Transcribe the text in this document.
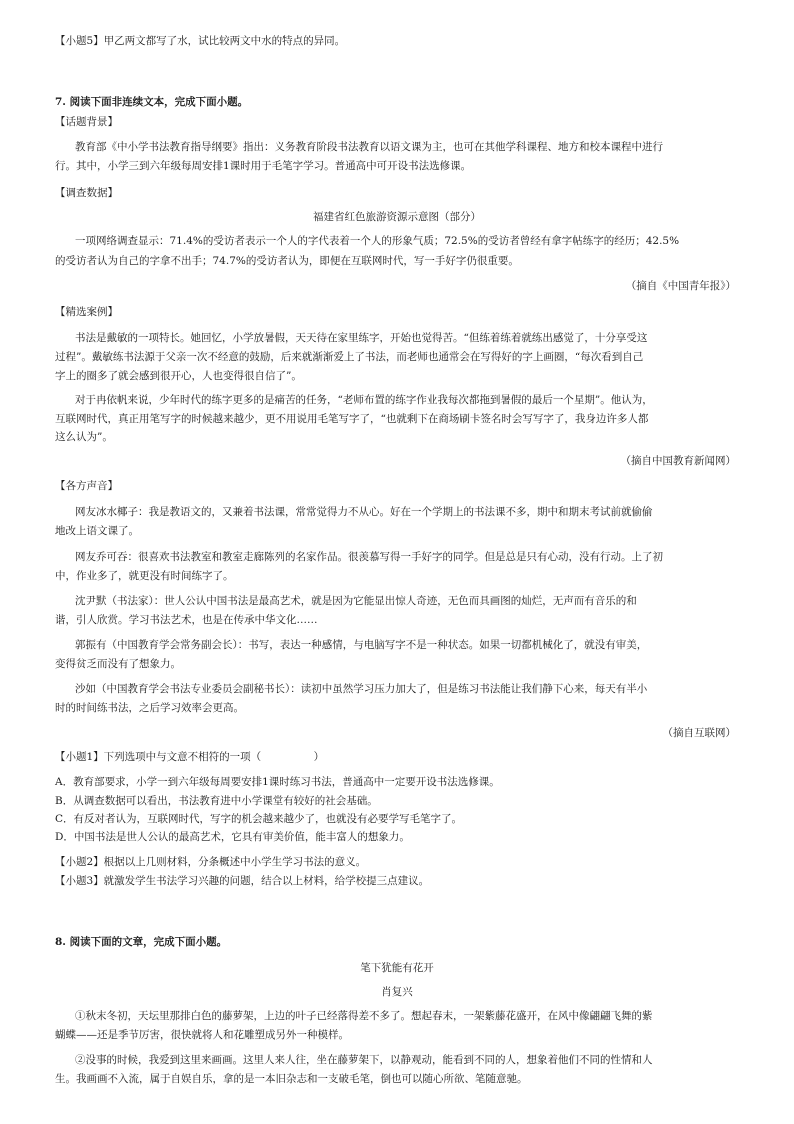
【小题5】甲乙两文都写了水，试比较两文中水的特点的异同。
7. 阅读下面非连续文本，完成下面小题。
【话题背景】
教育部《中小学书法教育指导纲要》指出：义务教育阶段书法教育以语文课为主，也可在其他学科课程、地方和校本课程中进行
行。其中，小学三到六年级每周安排1课时用于毛笔字学习。普通高中可开设书法选修课。
【调查数据】
福建省红色旅游资源示意图（部分）
一项网络调查显示：71.4%的受访者表示一个人的字代表着一个人的形象气质；72.5%的受访者曾经有拿字帖练字的经历；42.5%
的受访者认为自己的字拿不出手；74.7%的受访者认为，即便在互联网时代，写一手好字仍很重要。
（摘自《中国青年报》）
【精选案例】
书法是戴敏的一项特长。她回忆，小学放暑假，天天待在家里练字，开始也觉得苦。“但练着练着就练出感觉了，十分享受这
过程”。戴敏练书法源于父亲一次不经意的鼓励，后来就渐渐爱上了书法，而老师也通常会在写得好的字上画圈，“每次看到自己
字上的圈多了就会感到很开心，人也变得很自信了”。
对于冉依帆来说，少年时代的练字更多的是痛苦的任务，“老师布置的练字作业我每次都拖到暑假的最后一个星期”。他认为，
互联网时代，真正用笔写字的时候越来越少，更不用说用毛笔写字了，“也就剩下在商场刷卡签名时会写写字了，我身边许多人都
这么认为”。
（摘自中国教育新闻网）
【各方声音】
网友冰水椰子：我是教语文的，又兼着书法课，常常觉得力不从心。好在一个学期上的书法课不多，期中和期末考试前就偷偷
地改上语文课了。
网友乔可吞：很喜欢书法教室和教室走廊陈列的名家作品。很羡慕写得一手好字的同学。但是总是只有心动，没有行动。上了初
中，作业多了，就更没有时间练字了。
沈尹默（书法家）：世人公认中国书法是最高艺术，就是因为它能显出惊人奇迹，无色而具画图的灿烂，无声而有音乐的和
谐，引人欣赏。学习书法艺术，也是在传承中华文化……
郭振有（中国教育学会常务副会长）：书写，表达一种感情，与电脑写字不是一种状态。如果一切都机械化了，就没有审美，
变得贫乏而没有了想象力。
沙如（中国教育学会书法专业委员会副秘书长）：读初中虽然学习压力加大了，但是练习书法能让我们静下心来，每天有半小
时的时间练书法，之后学习效率会更高。
（摘自互联网）
【小题1】下列选项中与文意不相符的一项（　　　　　）
A．教育部要求，小学一到六年级每周要安排1课时练习书法，普通高中一定要开设书法选修课。
B．从调查数据可以看出，书法教育进中小学课堂有较好的社会基础。
C．有反对者认为，互联网时代，写字的机会越来越少了，也就没有必要学写毛笔字了。
D．中国书法是世人公认的最高艺术，它具有审美价值，能丰富人的想象力。
【小题2】根据以上几则材料，分条概述中小学生学习书法的意义。
【小题3】就激发学生书法学习兴趣的问题，结合以上材料，给学校提三点建议。
8. 阅读下面的文章，完成下面小题。
笔下犹能有花开
肖复兴
①秋末冬初，天坛里那排白色的藤萝架，上边的叶子已经落得差不多了。想起春末，一架紫藤花盛开，在风中像翩翩飞舞的紫
蝴蝶——还是季节厉害，很快就将人和花雕塑成另外一种模样。
②没事的时候，我爱到这里来画画。这里人来人往，坐在藤萝架下，以静观动，能看到不同的人，想象着他们不同的性情和人
生。我画画不入流，属于自娱自乐，拿的是一本旧杂志和一支破毛笔，倒也可以随心所欲、笔随意驰。
